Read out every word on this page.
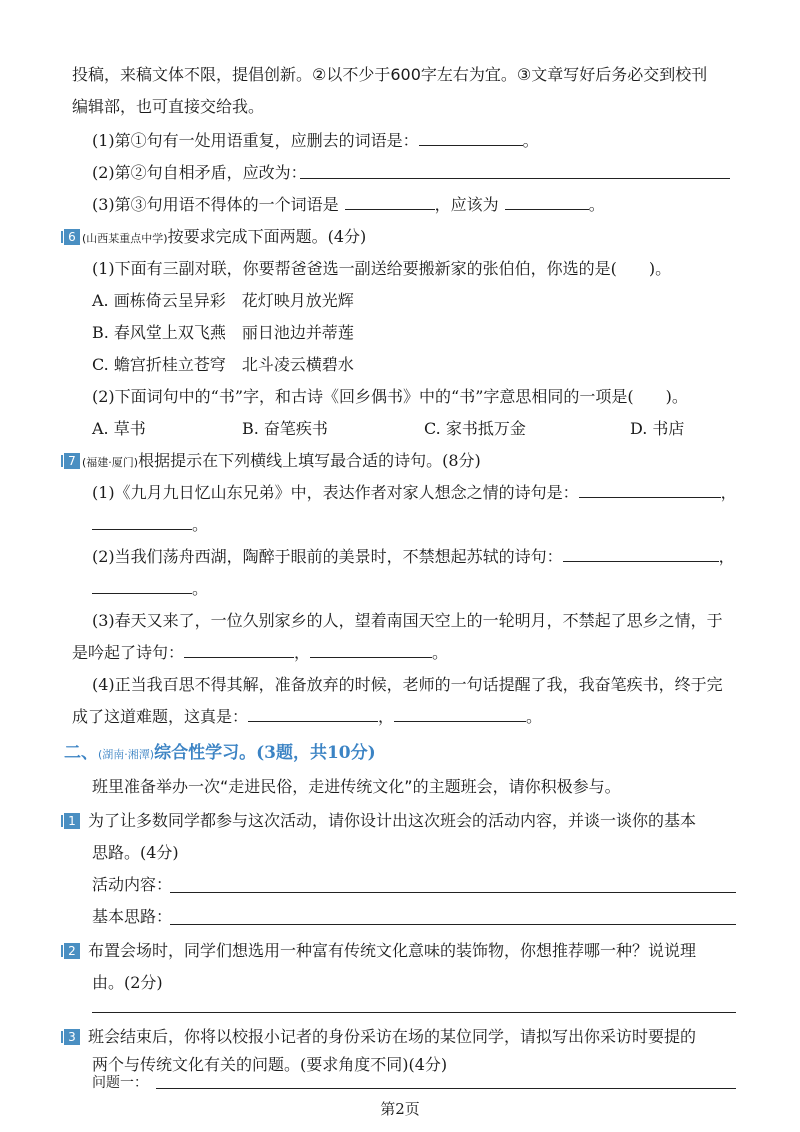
投稿，来稿文体不限，提倡创新。②以不少于600字左右为宜。③文章写好后务必交到校刊
编辑部，也可直接交给我。
(1)第①句有一处用语重复，应删去的词语是：	。
(2)第②句自相矛盾，应改为：
(3)第③句用语不得体的一个词语是	，应该为	。
6 (山西某重点中学)按要求完成下面两题。(4分)
(1)下面有三副对联，你要帮爸爸选一副送给要搬新家的张伯伯，你选的是(　　)。
A. 画栋倚云呈异彩　花灯映月放光辉
B. 春风堂上双飞燕　丽日池边并蒂莲
C. 蟾宫折桂立苍穹　北斗凌云横碧水
(2)下面词句中的“书”字，和古诗《回乡偶书》中的“书”字意思相同的一项是(　　)。
A. 草书	B. 奋笔疾书	C. 家书抵万金	D. 书店
7 (福建·厦门)根据提示在下列横线上填写最合适的诗句。(8分)
(1)《九月九日忆山东兄弟》中，表达作者对家人想念之情的诗句是：	，
。
(2)当我们荡舟西湖，陶醉于眼前的美景时，不禁想起苏轼的诗句：	，
。
(3)春天又来了，一位久别家乡的人，望着南国天空上的一轮明月，不禁起了思乡之情，于
是吟起了诗句：	，	。
(4)正当我百思不得其解，准备放弃的时候，老师的一句话提醒了我，我奋笔疾书，终于完
成了这道难题，这真是：	，	。
二、(湖南·湘潭)综合性学习。(3题，共10分)
班里准备举办一次“走进民俗，走进传统文化”的主题班会，请你积极参与。
1 为了让多数同学都参与这次活动，请你设计出这次班会的活动内容，并谈一谈你的基本
思路。(4分)
活动内容：
基本思路：
2 布置会场时，同学们想选用一种富有传统文化意味的装饰物，你想推荐哪一种？说说理
由。(2分)
3 班会结束后，你将以校报小记者的身份采访在场的某位同学，请拟写出你采访时要提的
两个与传统文化有关的问题。(要求角度不同)(4分)
问题一：
第2页
